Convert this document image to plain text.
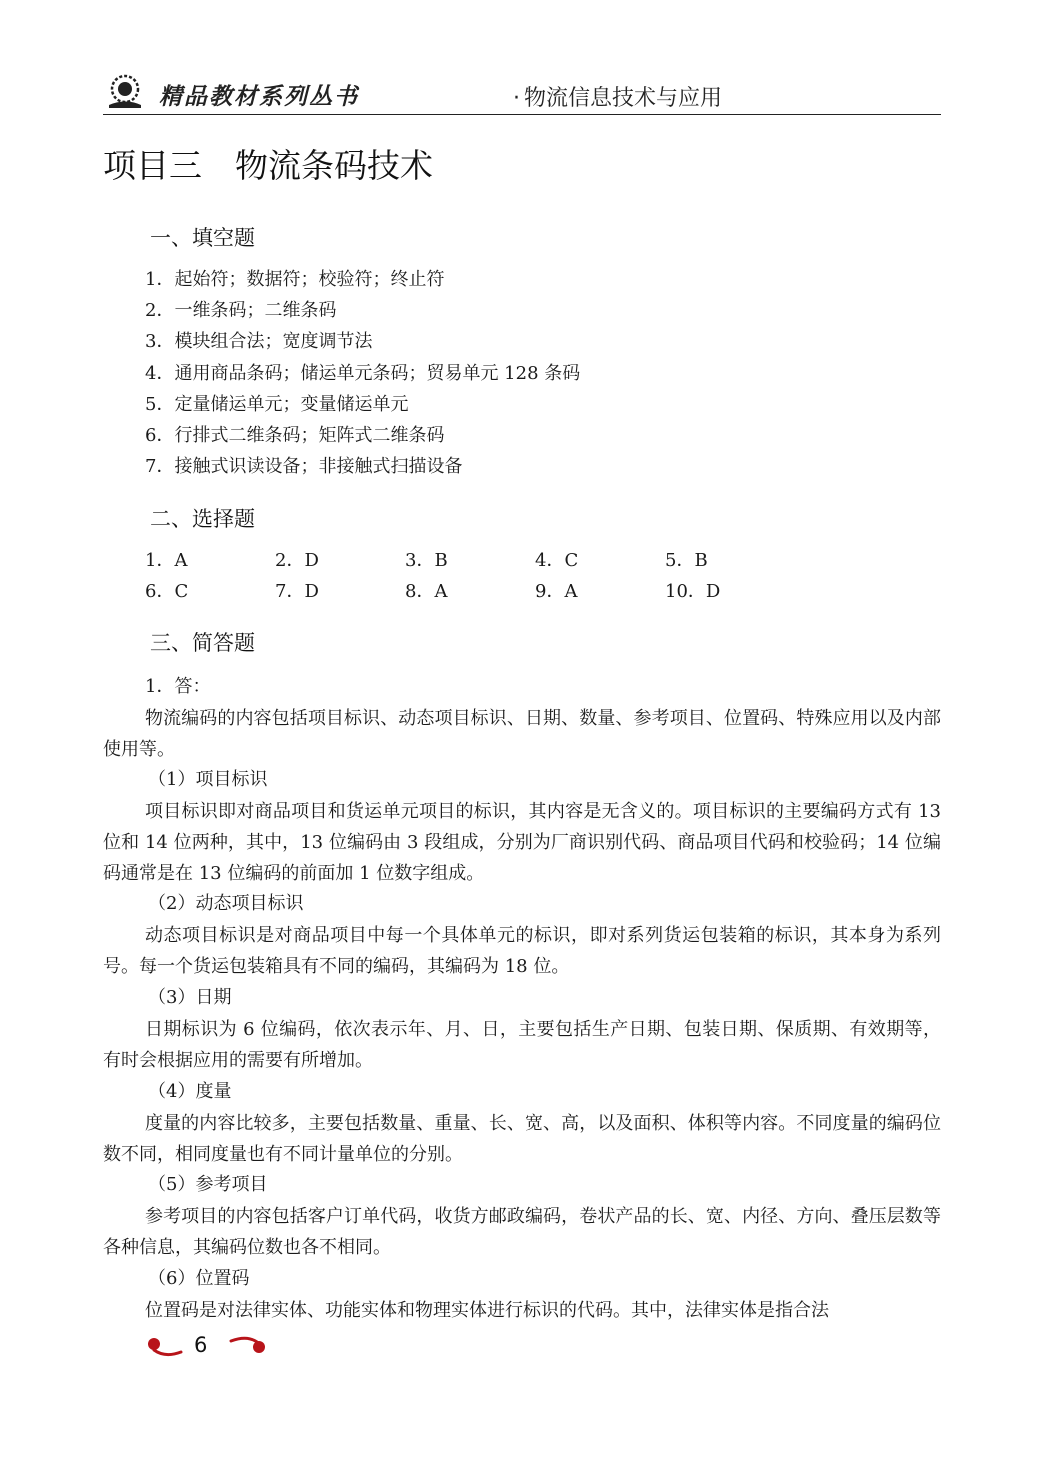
精品教材系列丛书	· 物流信息技术与应用
项目三　物流条码技术
一、填空题
1．起始符；数据符；校验符；终止符
2．一维条码；二维条码
3．模块组合法；宽度调节法
4．通用商品条码；储运单元条码；贸易单元 128 条码
5．定量储运单元；变量储运单元
6．行排式二维条码；矩阵式二维条码
7．接触式识读设备；非接触式扫描设备
二、选择题
1．A	2．D	3．B	4．C	5．B
6．C	7．D	8．A	9．A	10．D
三、简答题
1．答：
物流编码的内容包括项目标识、动态项目标识、日期、数量、参考项目、位置码、特殊应用以及内部使用等。
（1）项目标识
项目标识即对商品项目和货运单元项目的标识，其内容是无含义的。项目标识的主要编码方式有 13 位和 14 位两种，其中，13 位编码由 3 段组成，分别为厂商识别代码、商品项目代码和校验码；14 位编码通常是在 13 位编码的前面加 1 位数字组成。
（2）动态项目标识
动态项目标识是对商品项目中每一个具体单元的标识，即对系列货运包装箱的标识，其本身为系列号。每一个货运包装箱具有不同的编码，其编码为 18 位。
（3）日期
日期标识为 6 位编码，依次表示年、月、日，主要包括生产日期、包装日期、保质期、有效期等，有时会根据应用的需要有所增加。
（4）度量
度量的内容比较多，主要包括数量、重量、长、宽、高，以及面积、体积等内容。不同度量的编码位数不同，相同度量也有不同计量单位的分别。
（5）参考项目
参考项目的内容包括客户订单代码，收货方邮政编码，卷状产品的长、宽、内径、方向、叠压层数等各种信息，其编码位数也各不相同。
（6）位置码
位置码是对法律实体、功能实体和物理实体进行标识的代码。其中，法律实体是指合法
6
